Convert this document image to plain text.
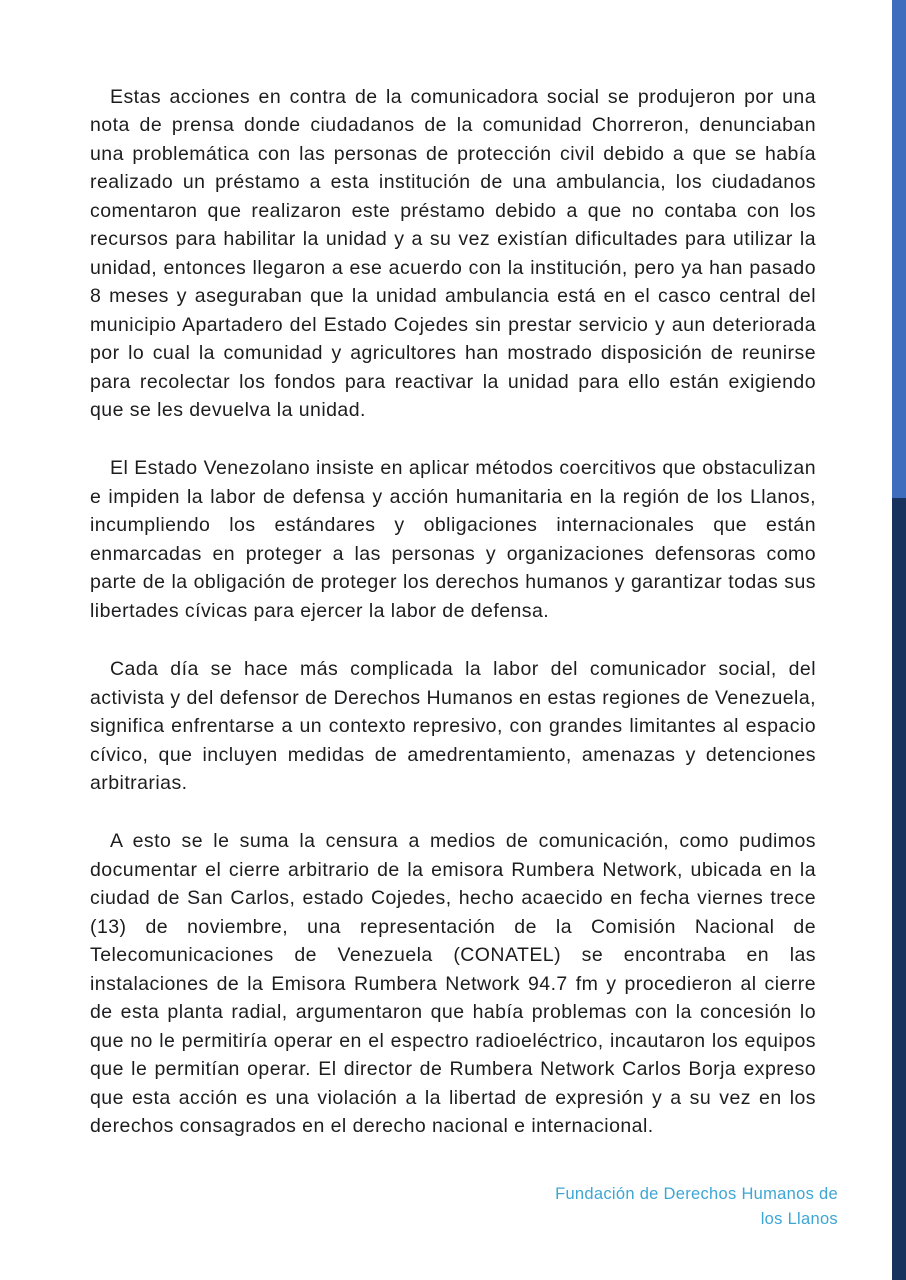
Estas acciones en contra de la comunicadora social se produjeron por una nota de prensa donde ciudadanos de la comunidad Chorreron, denunciaban una problemática con las personas de protección civil debido a que se había realizado un préstamo a esta institución de una ambulancia, los ciudadanos comentaron que realizaron este préstamo debido a que no contaba con los recursos para habilitar la unidad y a su vez existían dificultades para utilizar la unidad, entonces llegaron a ese acuerdo con la institución, pero ya han pasado 8 meses y aseguraban que la unidad ambulancia está en el casco central del municipio Apartadero del Estado Cojedes sin prestar servicio y aun deteriorada por lo cual la comunidad y agricultores han mostrado disposición de reunirse para recolectar los fondos para reactivar la unidad para ello están exigiendo que se les devuelva la unidad.

El Estado Venezolano insiste en aplicar métodos coercitivos que obstaculizan e impiden la labor de defensa y acción humanitaria en la región de los Llanos, incumpliendo los estándares y obligaciones internacionales que están enmarcadas en proteger a las personas y organizaciones defensoras como parte de la obligación de proteger los derechos humanos y garantizar todas sus libertades cívicas para ejercer la labor de defensa.

Cada día se hace más complicada la labor del comunicador social, del activista y del defensor de Derechos Humanos en estas regiones de Venezuela, significa enfrentarse a un contexto represivo, con grandes limitantes al espacio cívico, que incluyen medidas de amedrentamiento, amenazas y detenciones arbitrarias.

A esto se le suma la censura a medios de comunicación, como pudimos documentar el cierre arbitrario de la emisora Rumbera Network, ubicada en la ciudad de San Carlos, estado Cojedes, hecho acaecido en fecha viernes trece (13) de noviembre, una representación de la Comisión Nacional de Telecomunicaciones de Venezuela (CONATEL) se encontraba en las instalaciones de la Emisora Rumbera Network 94.7 fm y procedieron al cierre de esta planta radial, argumentaron que había problemas con la concesión lo que no le permitiría operar en el espectro radioeléctrico, incautaron los equipos que le permitían operar. El director de Rumbera Network Carlos Borja expreso que esta acción es una violación a la libertad de expresión y a su vez en los derechos consagrados en el derecho nacional e internacional.

Fundación de Derechos Humanos de
los Llanos
